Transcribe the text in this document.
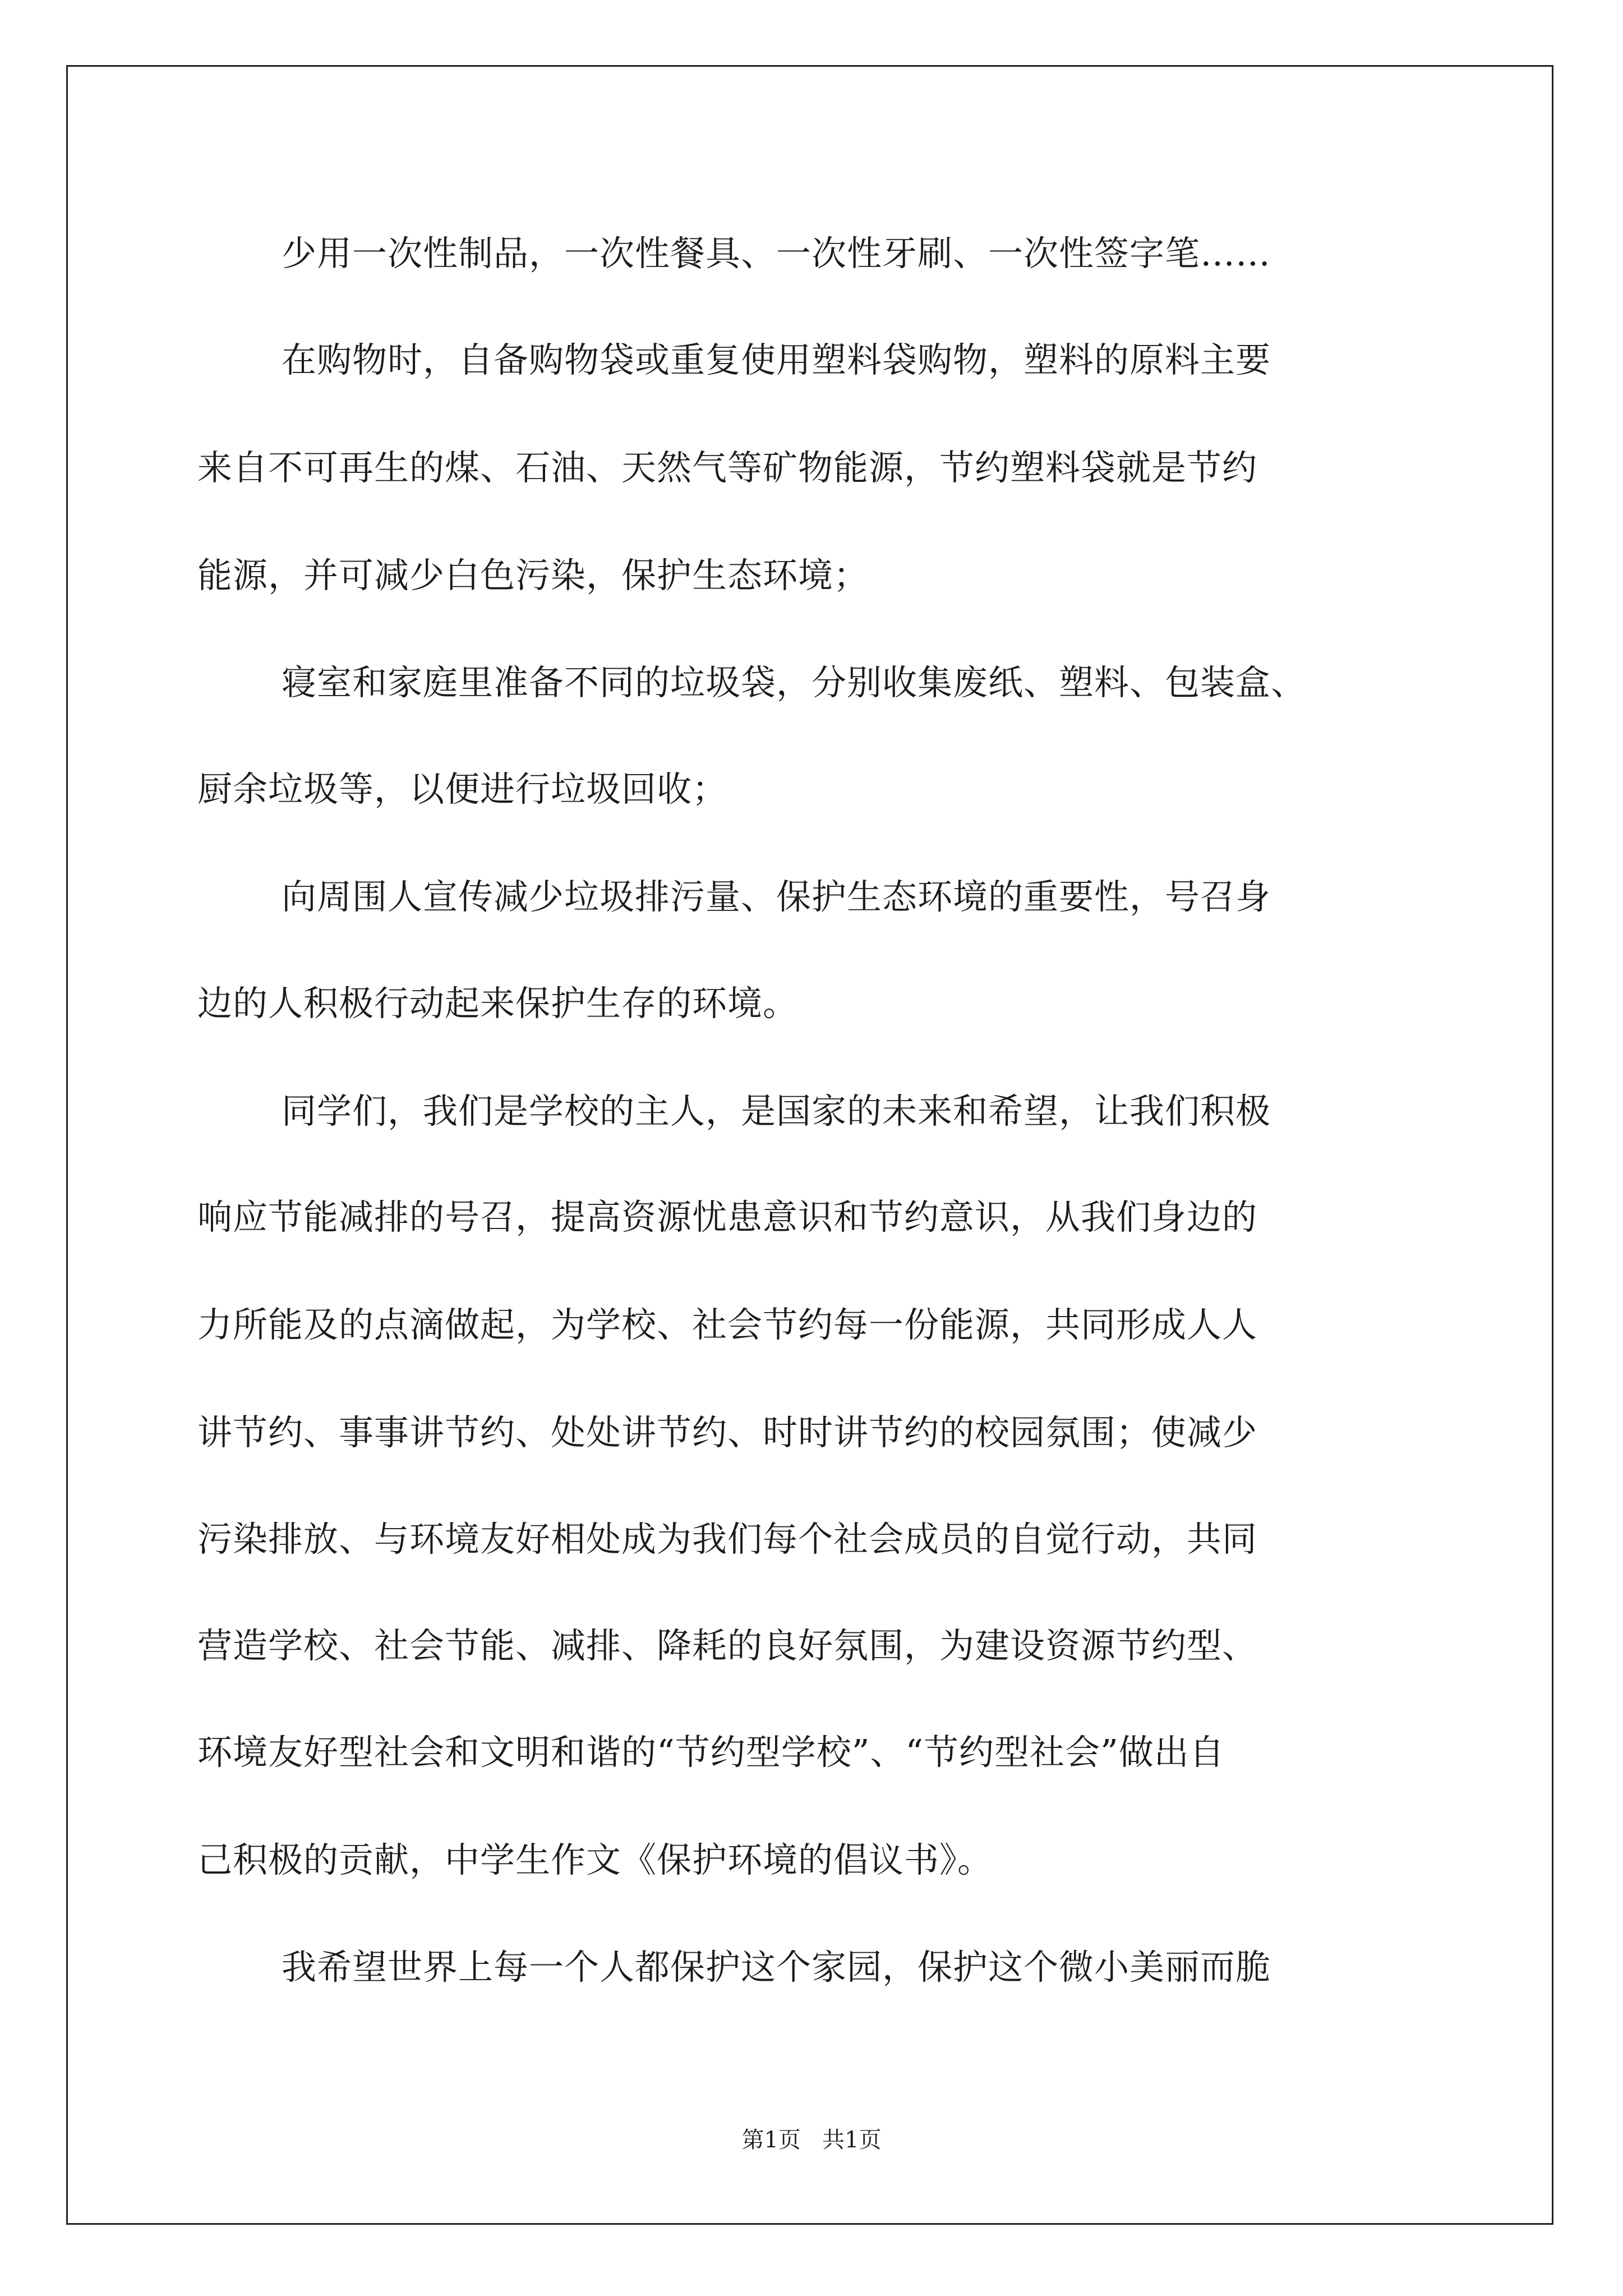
少用一次性制品，一次性餐具、一次性牙刷、一次性签字笔……
在购物时，自备购物袋或重复使用塑料袋购物，塑料的原料主要
来自不可再生的煤、石油、天然气等矿物能源，节约塑料袋就是节约
能源，并可减少白色污染，保护生态环境；
寝室和家庭里准备不同的垃圾袋，分别收集废纸、塑料、包装盒、
厨余垃圾等，以便进行垃圾回收；
向周围人宣传减少垃圾排污量、保护生态环境的重要性，号召身
边的人积极行动起来保护生存的环境。
同学们，我们是学校的主人，是国家的未来和希望，让我们积极
响应节能减排的号召，提高资源忧患意识和节约意识，从我们身边的
力所能及的点滴做起，为学校、社会节约每一份能源，共同形成人人
讲节约、事事讲节约、处处讲节约、时时讲节约的校园氛围；使减少
污染排放、与环境友好相处成为我们每个社会成员的自觉行动，共同
营造学校、社会节能、减排、降耗的良好氛围，为建设资源节约型、
环境友好型社会和文明和谐的“节约型学校”、“节约型社会”做出自
己积极的贡献，中学生作文《保护环境的倡议书》。
我希望世界上每一个人都保护这个家园，保护这个微小美丽而脆
第1页   共1页
